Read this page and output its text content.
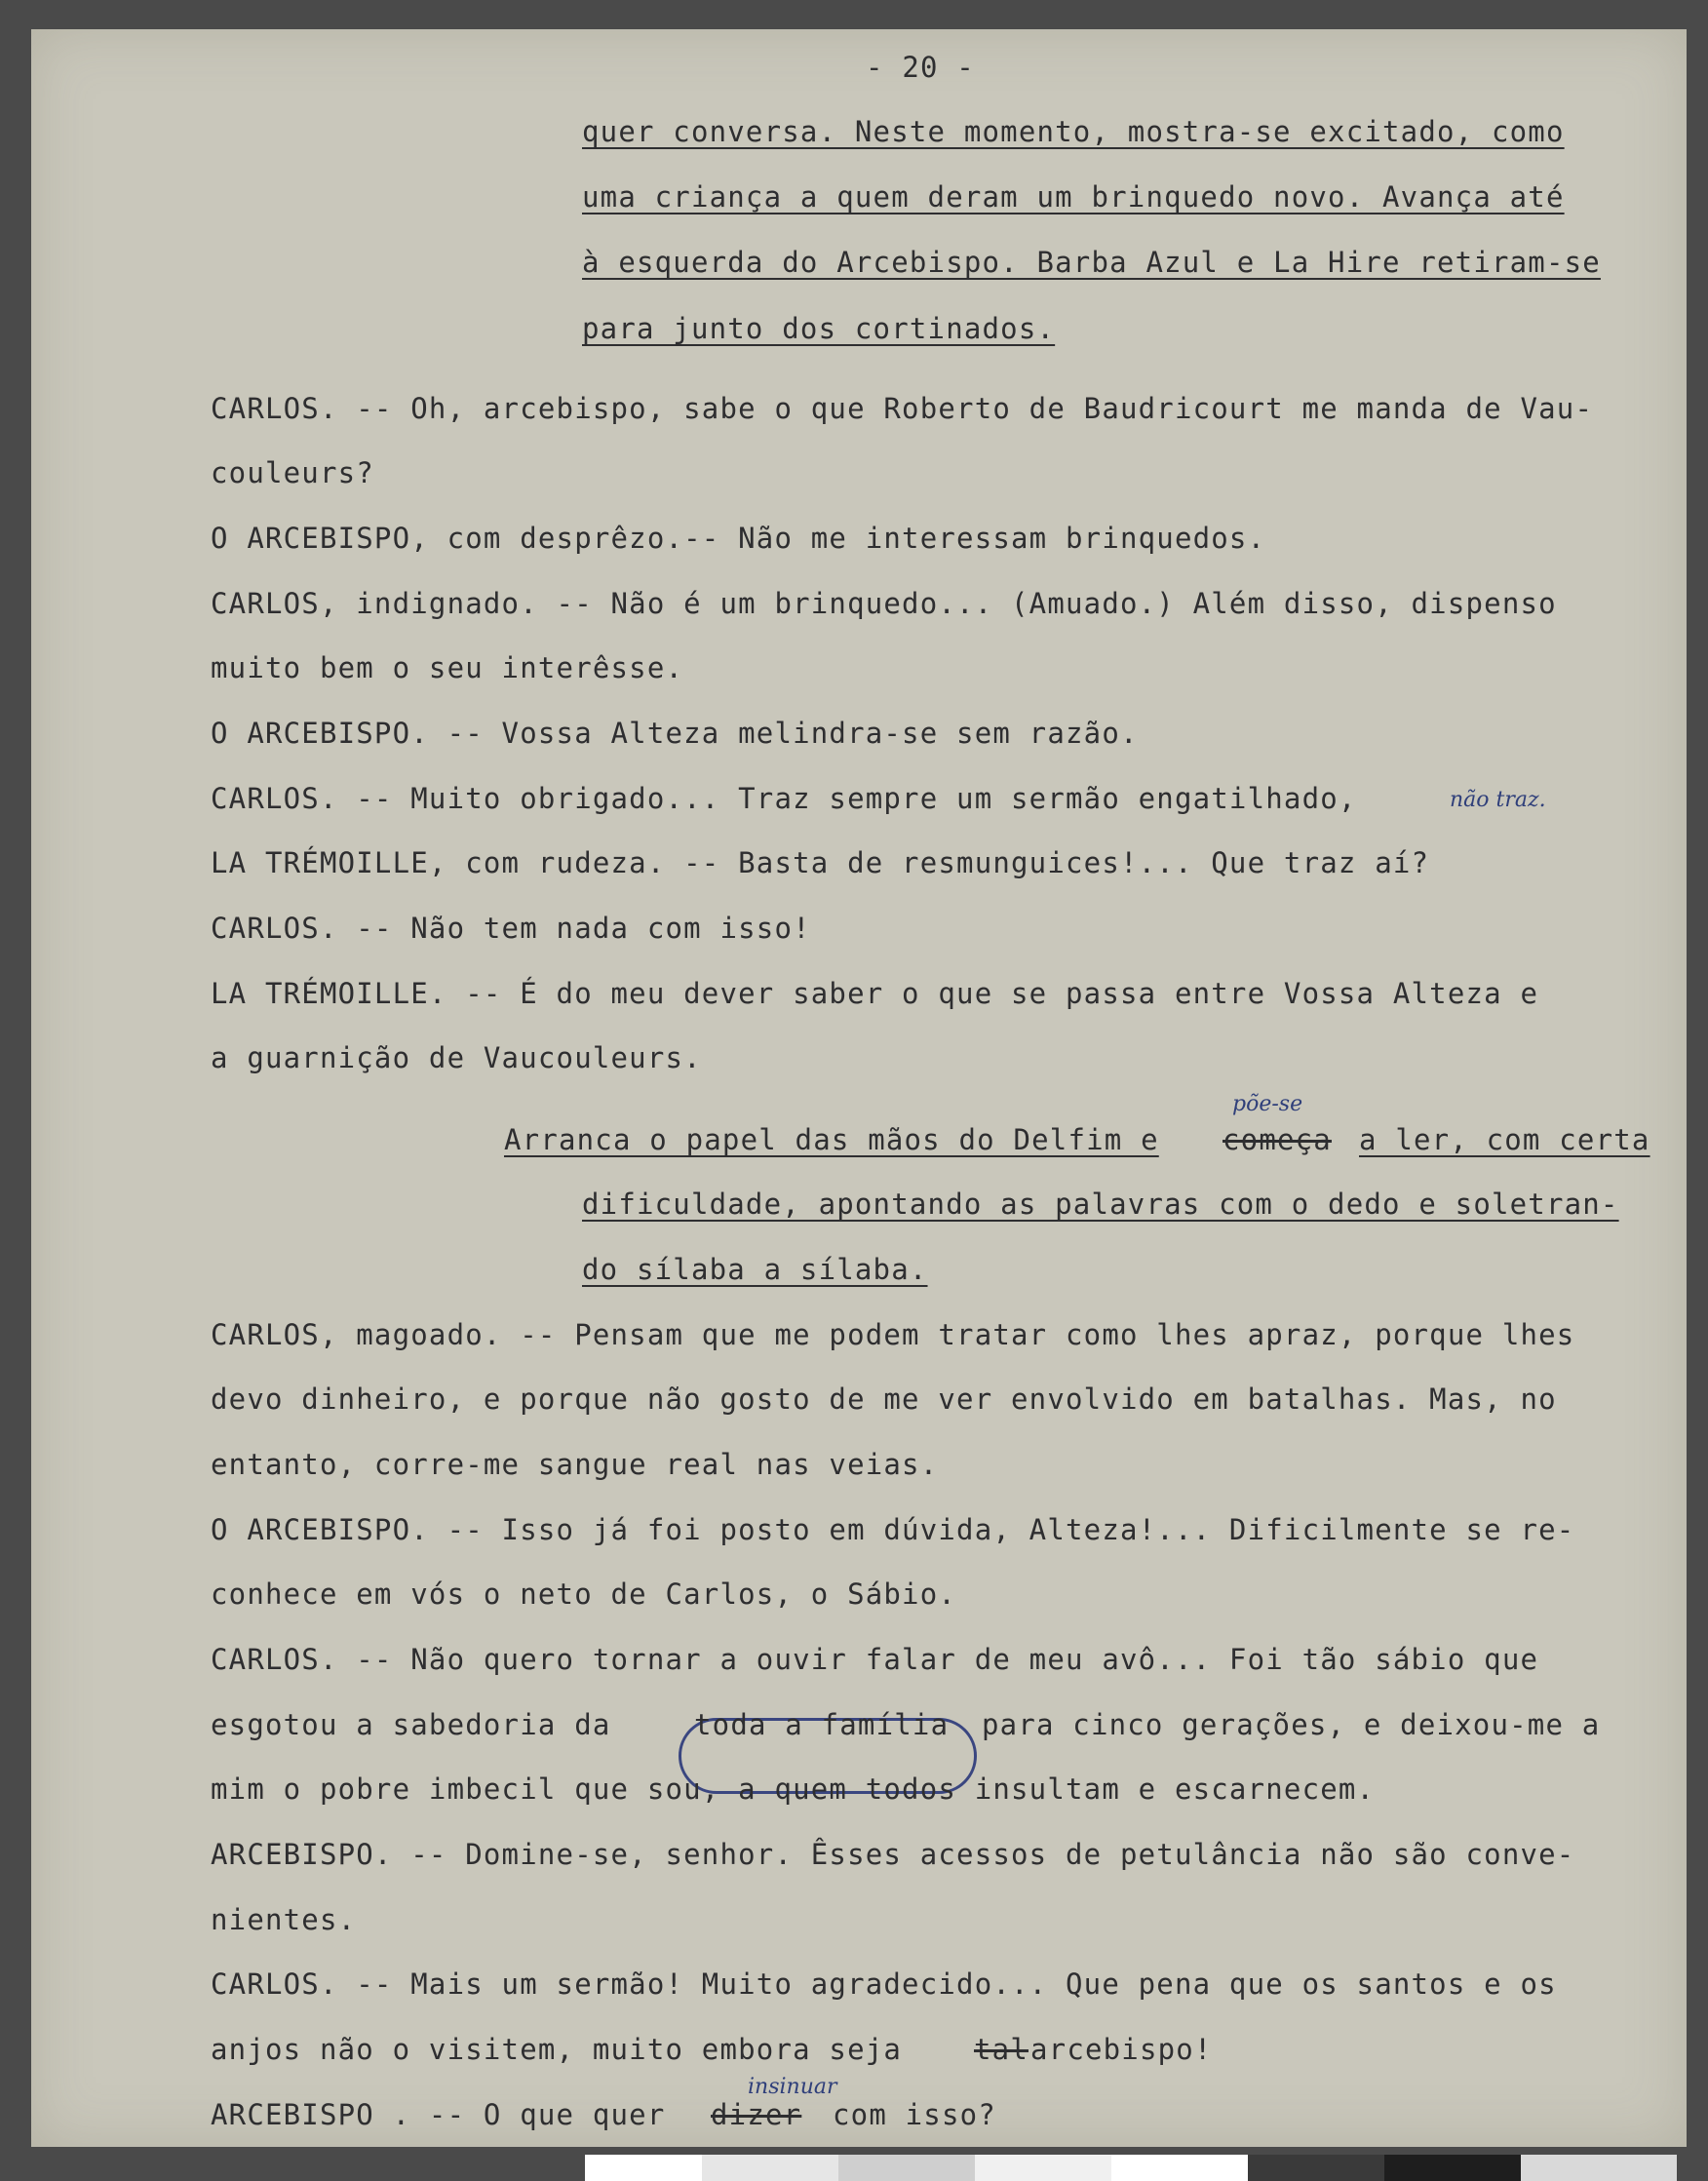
- 20 -
quer conversa. Neste momento, mostra-se excitado, como
uma criança a quem deram um brinquedo novo. Avança até
à esquerda do Arcebispo. Barba Azul e La Hire retiram-se
para junto dos cortinados.
CARLOS. -- Oh, arcebispo, sabe o que Roberto de Baudricourt me manda de Vau-
couleurs?
O ARCEBISPO, com desprêzo.-- Não me interessam brinquedos.
CARLOS, indignado. -- Não é um brinquedo... (Amuado.) Além disso, dispenso
muito bem o seu interêsse.
O ARCEBISPO. -- Vossa Alteza melindra-se sem razão.
CARLOS. -- Muito obrigado... Traz sempre um sermão engatilhado,	não traz.
LA TRÉMOILLE, com rudeza. -- Basta de resmunguices!... Que traz aí?
CARLOS. -- Não tem nada com isso!
LA TRÉMOILLE. -- É do meu dever saber o que se passa entre Vossa Alteza e
a guarnição de Vaucouleurs.
põe-se
Arranca o papel das mãos do Delfim e começa a ler, com certa
dificuldade, apontando as palavras com o dedo e soletran-
do sílaba a sílaba.
CARLOS, magoado. -- Pensam que me podem tratar como lhes apraz, porque lhes
devo dinheiro, e porque não gosto de me ver envolvido em batalhas. Mas, no
entanto, corre-me sangue real nas veias.
O ARCEBISPO. -- Isso já foi posto em dúvida, Alteza!... Dificilmente se re-
conhece em vós o neto de Carlos, o Sábio.
CARLOS. -- Não quero tornar a ouvir falar de meu avô... Foi tão sábio que
esgotou a sabedoria da	toda a família para cinco gerações, e deixou-me a
mim o pobre imbecil que sou, a quem todos insultam e escarnecem.
ARCEBISPO. -- Domine-se, senhor. Êsses acessos de petulância não são conve-
nientes.
CARLOS. -- Mais um sermão! Muito agradecido... Que pena que os santos e os
anjos não o visitem, muito embora seja	tal arcebispo!
insinuar
ARCEBISPO . -- O que quer dizer com isso?
